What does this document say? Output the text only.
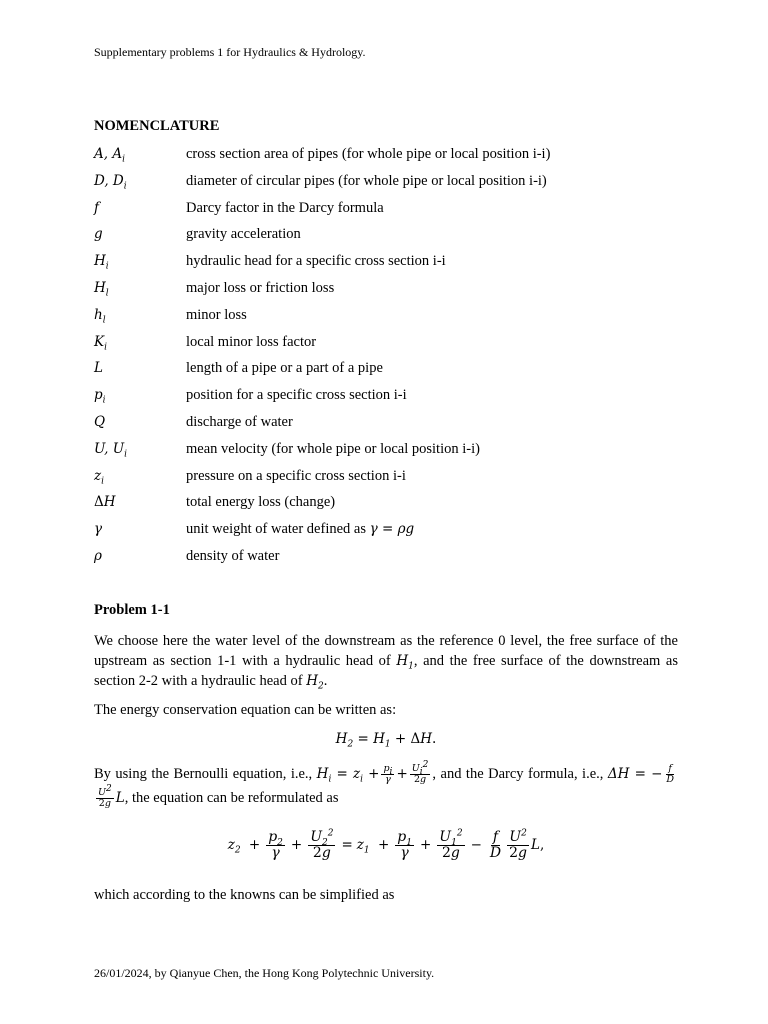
Supplementary problems 1 for Hydraulics & Hydrology.
NOMENCLATURE
A, $A_i$	cross section area of pipes (for whole pipe or local position i-i)
D, $D_i$	diameter of circular pipes (for whole pipe or local position i-i)
f	Darcy factor in the Darcy formula
g	gravity acceleration
$H_i$	hydraulic head for a specific cross section i-i
$H_l$	major loss or friction loss
$h_l$	minor loss
$K_i$	local minor loss factor
L	length of a pipe or a part of a pipe
$p_i$	position for a specific cross section i-i
Q	discharge of water
U, $U_i$	mean velocity (for whole pipe or local position i-i)
$z_i$	pressure on a specific cross section i-i
ΔH	total energy loss (change)
γ	unit weight of water defined as γ = ρg
ρ	density of water
Problem 1-1
We choose here the water level of the downstream as the reference 0 level, the free surface of the upstream as section 1-1 with a hydraulic head of $H_1$, and the free surface of the downstream as section 2-2 with a hydraulic head of $H_2$.
The energy conservation equation can be written as:
$H_2 = H_1 + \Delta H$.
By using the Bernoulli equation, i.e., $H_i = z_i + \frac{p_i}{\gamma} + \frac{U_i^2}{2g}$ , and the Darcy formula, i.e., ΔH = − $\frac{f}{D}$
$\frac{U^2}{2g} L$, the equation can be reformulated as
$z_2 + \frac{p_2}{\gamma} + \frac{U_2^2}{2g} = z_1 + \frac{p_1}{\gamma} + \frac{U_1^2}{2g} - \frac{f}{D} \frac{U^2}{2g} L$,
which according to the knowns can be simplified as
26/01/2024, by Qianyue Chen, the Hong Kong Polytechnic University.
